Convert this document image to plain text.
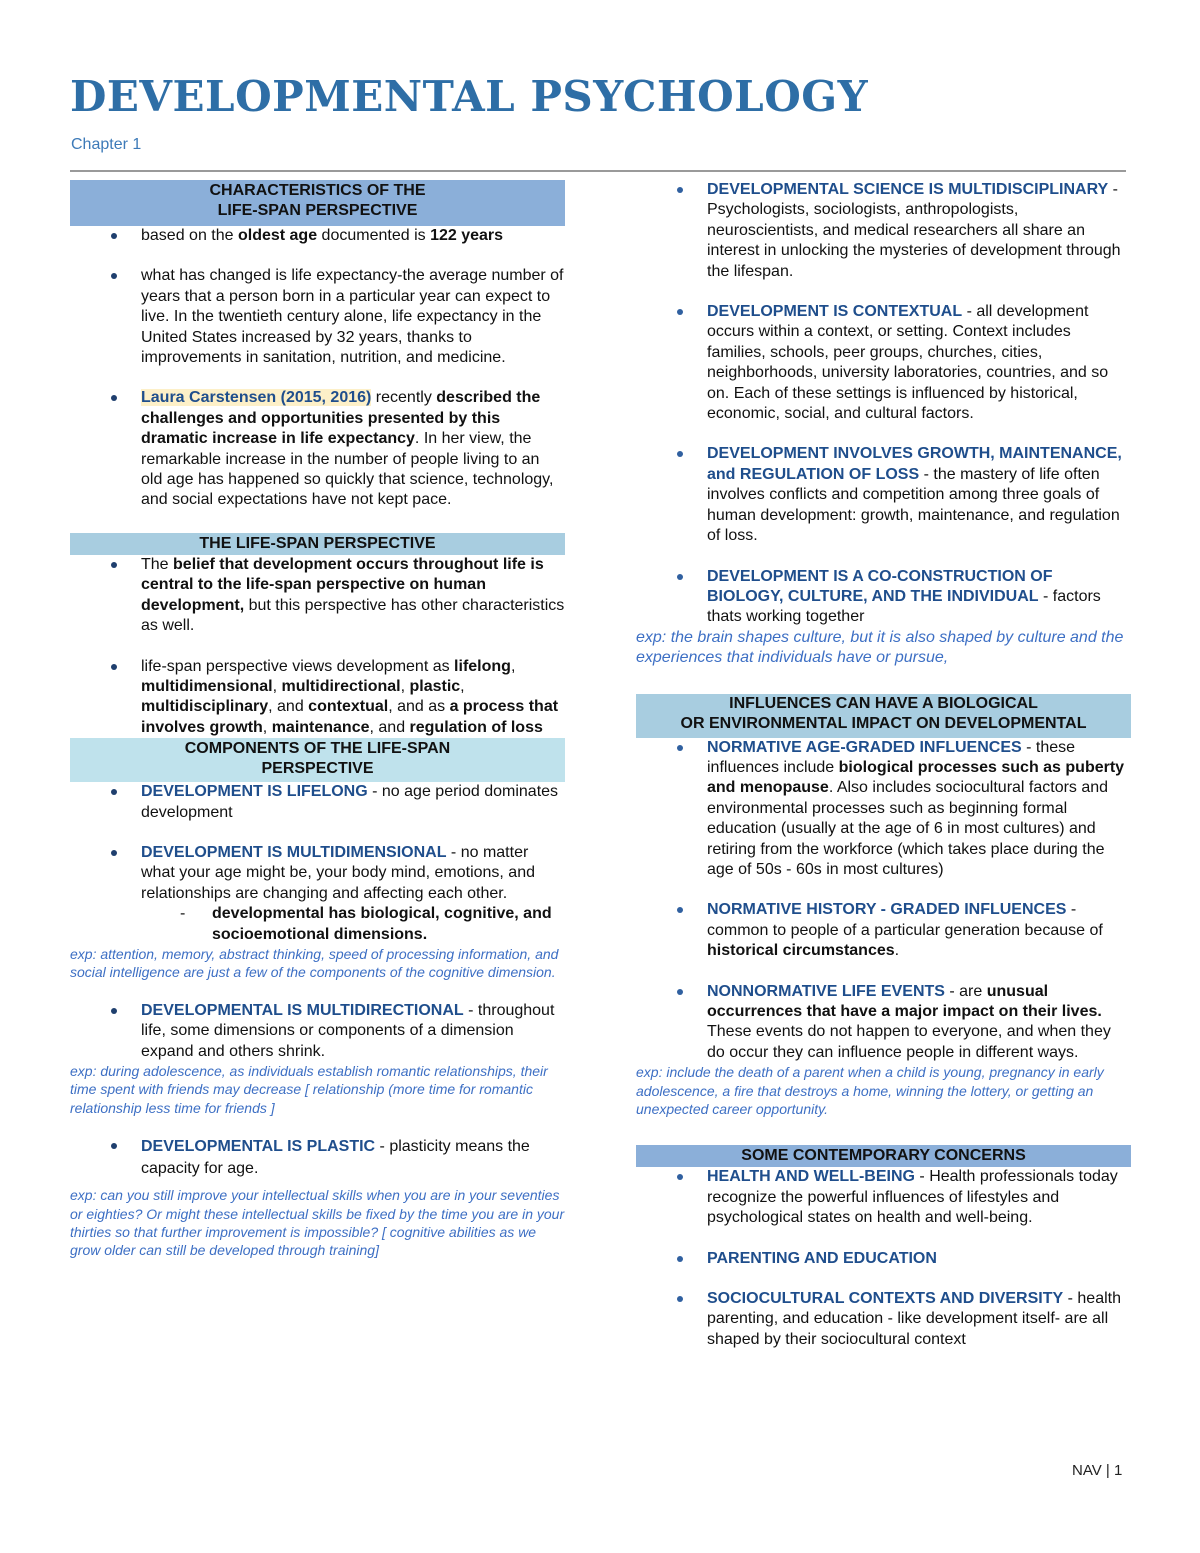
DEVELOPMENTAL PSYCHOLOGY
Chapter 1
CHARACTERISTICS OF THE
LIFE-SPAN PERSPECTIVE
based on the oldest age documented is 122 years
what has changed is life expectancy-the average number of years that a person born in a particular year can expect to live. In the twentieth century alone, life expectancy in the United States increased by 32 years, thanks to improvements in sanitation, nutrition, and medicine.
Laura Carstensen (2015, 2016) recently described the challenges and opportunities presented by this dramatic increase in life expectancy. In her view, the remarkable increase in the number of people living to an old age has happened so quickly that science, technology, and social expectations have not kept pace.
THE LIFE-SPAN PERSPECTIVE
The belief that development occurs throughout life is central to the life-span perspective on human development, but this perspective has other characteristics as well.
life-span perspective views development as lifelong, multidimensional, multidirectional, plastic, multidisciplinary, and contextual, and as a process that involves growth, maintenance, and regulation of loss
COMPONENTS OF THE LIFE-SPAN
PERSPECTIVE
DEVELOPMENT IS LIFELONG - no age period dominates development
DEVELOPMENT IS MULTIDIMENSIONAL - no matter what your age might be, your body mind, emotions, and relationships are changing and affecting each other.
- developmental has biological, cognitive, and socioemotional dimensions.

exp: attention, memory, abstract thinking, speed of processing information, and social intelligence are just a few of the components of the cognitive dimension.

DEVELOPMENTAL IS MULTIDIRECTIONAL - throughout life, some dimensions or components of a dimension expand and others shrink.

exp: during adolescence, as individuals establish romantic relationships, their time spent with friends may decrease [ relationship (more time for romantic relationship less time for friends ]

DEVELOPMENTAL IS PLASTIC - plasticity means the capacity for age.

exp: can you still improve your intellectual skills when you are in your seventies or eighties? Or might these intellectual skills be fixed by the time you are in your thirties so that further improvement is impossible? [ cognitive abilities as we grow older can still be developed through training]

DEVELOPMENTAL SCIENCE IS MULTIDISCIPLINARY - Psychologists, sociologists, anthropologists, neuroscientists, and medical researchers all share an interest in unlocking the mysteries of development through the lifespan.
DEVELOPMENT IS CONTEXTUAL - all development occurs within a context, or setting. Context includes families, schools, peer groups, churches, cities, neighborhoods, university laboratories, countries, and so on. Each of these settings is influenced by historical, economic, social, and cultural factors.
DEVELOPMENT INVOLVES GROWTH, MAINTENANCE, and REGULATION OF LOSS - the mastery of life often involves conflicts and competition among three goals of human development: growth, maintenance, and regulation of loss.
DEVELOPMENT IS A CO-CONSTRUCTION OF BIOLOGY, CULTURE, AND THE INDIVIDUAL - factors thats working together

exp: the brain shapes culture, but it is also shaped by culture and the experiences that individuals have or pursue,

INFLUENCES CAN HAVE A BIOLOGICAL
OR ENVIRONMENTAL IMPACT ON DEVELOPMENTAL
NORMATIVE AGE-GRADED INFLUENCES - these influences include biological processes such as puberty and menopause. Also includes sociocultural factors and environmental processes such as beginning formal education (usually at the age of 6 in most cultures) and retiring from the workforce (which takes place during the age of 50s - 60s in most cultures)
NORMATIVE HISTORY - GRADED INFLUENCES - common to people of a particular generation because of historical circumstances.
NONNORMATIVE LIFE EVENTS - are unusual occurrences that have a major impact on their lives. These events do not happen to everyone, and when they do occur they can influence people in different ways.

exp: include the death of a parent when a child is young, pregnancy in early adolescence, a fire that destroys a home, winning the lottery, or getting an unexpected career opportunity.

SOME CONTEMPORARY CONCERNS
HEALTH AND WELL-BEING - Health professionals today recognize the powerful influences of lifestyles and psychological states on health and well-being.
PARENTING AND EDUCATION
SOCIOCULTURAL CONTEXTS AND DIVERSITY - health parenting, and education - like development itself- are all shaped by their sociocultural context
NAV | 1
